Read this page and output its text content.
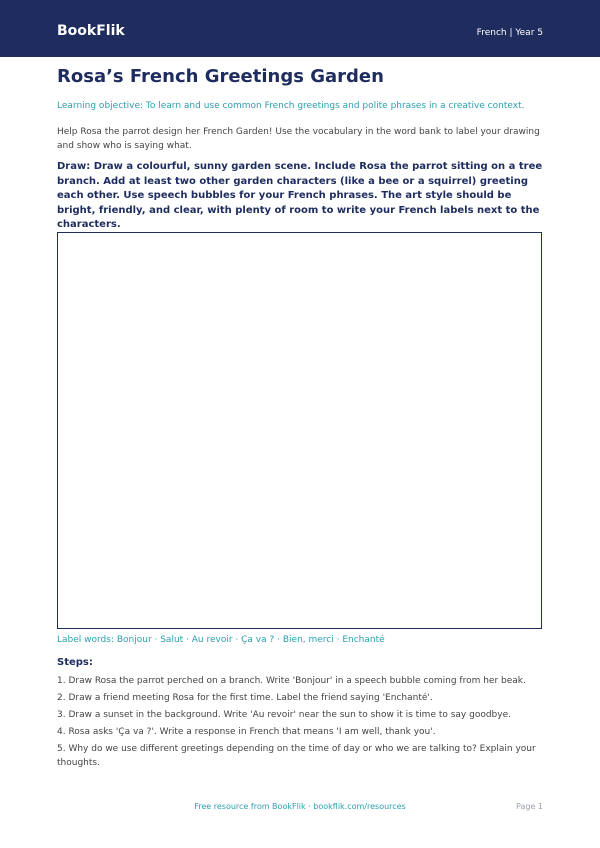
BookFlik	French | Year 5
Rosa’s French Greetings Garden
Learning objective: To learn and use common French greetings and polite phrases in a creative context.
Help Rosa the parrot design her French Garden! Use the vocabulary in the word bank to label your drawing and show who is saying what.
Draw: Draw a colourful, sunny garden scene. Include Rosa the parrot sitting on a tree branch. Add at least two other garden characters (like a bee or a squirrel) greeting each other. Use speech bubbles for your French phrases. The art style should be bright, friendly, and clear, with plenty of room to write your French labels next to the characters.
Label words: Bonjour · Salut · Au revoir · Ça va ? · Bien, merci · Enchanté
Steps:
1. Draw Rosa the parrot perched on a branch. Write 'Bonjour' in a speech bubble coming from her beak.
2. Draw a friend meeting Rosa for the first time. Label the friend saying 'Enchanté'.
3. Draw a sunset in the background. Write 'Au revoir' near the sun to show it is time to say goodbye.
4. Rosa asks 'Ça va ?'. Write a response in French that means 'I am well, thank you'.
5. Why do we use different greetings depending on the time of day or who we are talking to? Explain your thoughts.
Free resource from BookFlik · bookflik.com/resources	Page 1
